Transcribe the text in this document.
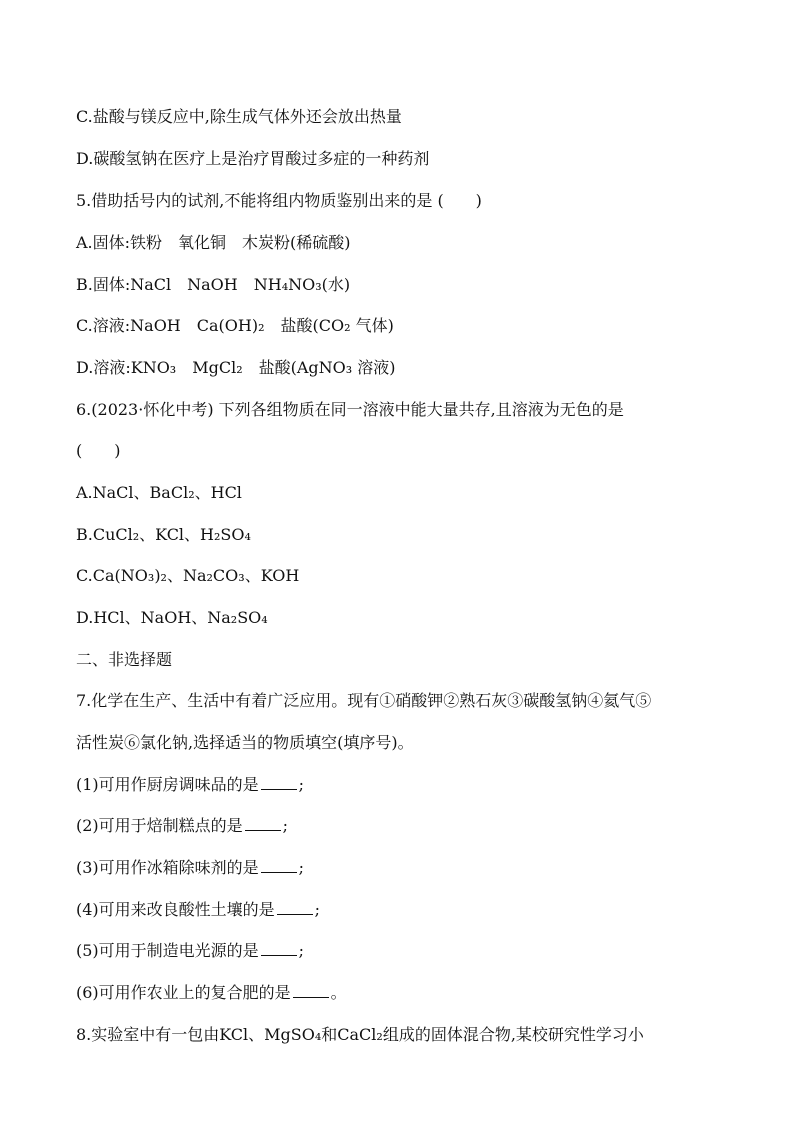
C.盐酸与镁反应中,除生成气体外还会放出热量
D.碳酸氢钠在医疗上是治疗胃酸过多症的一种药剂
5.借助括号内的试剂,不能将组内物质鉴别出来的是 (　　)
A.固体:铁粉　氧化铜　木炭粉(稀硫酸)
B.固体:NaCl　NaOH　NH₄NO₃(水)
C.溶液:NaOH　Ca(OH)₂　盐酸(CO₂ 气体)
D.溶液:KNO₃　MgCl₂　盐酸(AgNO₃ 溶液)
6.(2023·怀化中考) 下列各组物质在同一溶液中能大量共存,且溶液为无色的是
(　　)
A.NaCl、BaCl₂、HCl
B.CuCl₂、KCl、H₂SO₄
C.Ca(NO₃)₂、Na₂CO₃、KOH
D.HCl、NaOH、Na₂SO₄
二、非选择题
7.化学在生产、生活中有着广泛应用。现有①硝酸钾②熟石灰③碳酸氢钠④氦气⑤
活性炭⑥氯化钠,选择适当的物质填空(填序号)。
(1)可用作厨房调味品的是	;
(2)可用于焙制糕点的是	;
(3)可用作冰箱除味剂的是	;
(4)可用来改良酸性土壤的是	;
(5)可用于制造电光源的是	;
(6)可用作农业上的复合肥的是	。
8.实验室中有一包由KCl、MgSO₄和CaCl₂组成的固体混合物,某校研究性学习小
